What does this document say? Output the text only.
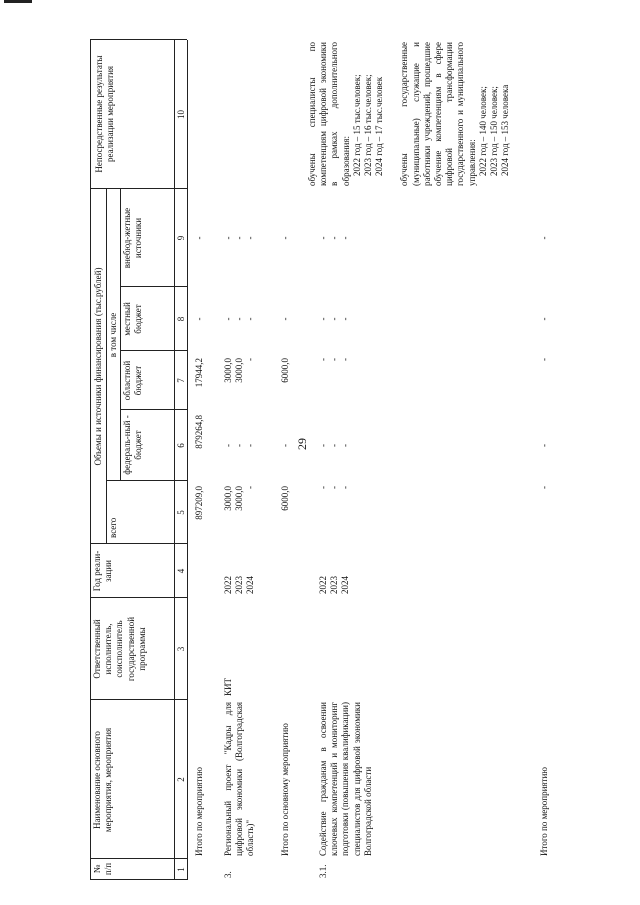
29
№ п/п
Наименование основного мероприятия, мероприятия
Ответственный исполнитель, соисполнитель государственной программы
Год реали-зации
Объемы и источники финансирования (тыс.рублей)
всего
в том числе
федераль-ный - бюджет
областной бюджет
местный бюджет
внебюд-жетные источники
Непосредственные результаты реализации мероприятия
1
2
3
4
5
6
7
8
9
10
Итого по мероприятию
897209,0
879264,8
17944,2
-
-
3.
Региональный проект "Кадры для цифровой экономики (Волгоградская область)"
КИТ
2022 2023 2024
3000,0 3000,0 -
- - -
3000,0 3000,0 -
- - -
- - -
Итого по основному мероприятию
6000,0
-
6000,0
-
-
3.1.
Содействие гражданам в освоении ключевых компетенций и мониторинг подготовки (повышения квалификации) специалистов для цифровой экономики Волгоградской области
2022 2023 2024
- - -
- - -
- - -
- - -
- - -
обучены специалисты по компетенциям цифровой экономики в рамках дополнительного образования: 2022 год – 15 тыс.человек; 2023 год – 16 тыс.человек; 2024 год – 17 тыс.человек обучены государственные (муниципальные) служащие и работники учреждений, прошедшие обучение компетенциям в сфере цифровой трансформации государственного и муниципального управления: 2022 год – 140 человек; 2023 год – 150 человек; 2024 год – 153 человека
Итого по мероприятию
-
-
-
-
-
